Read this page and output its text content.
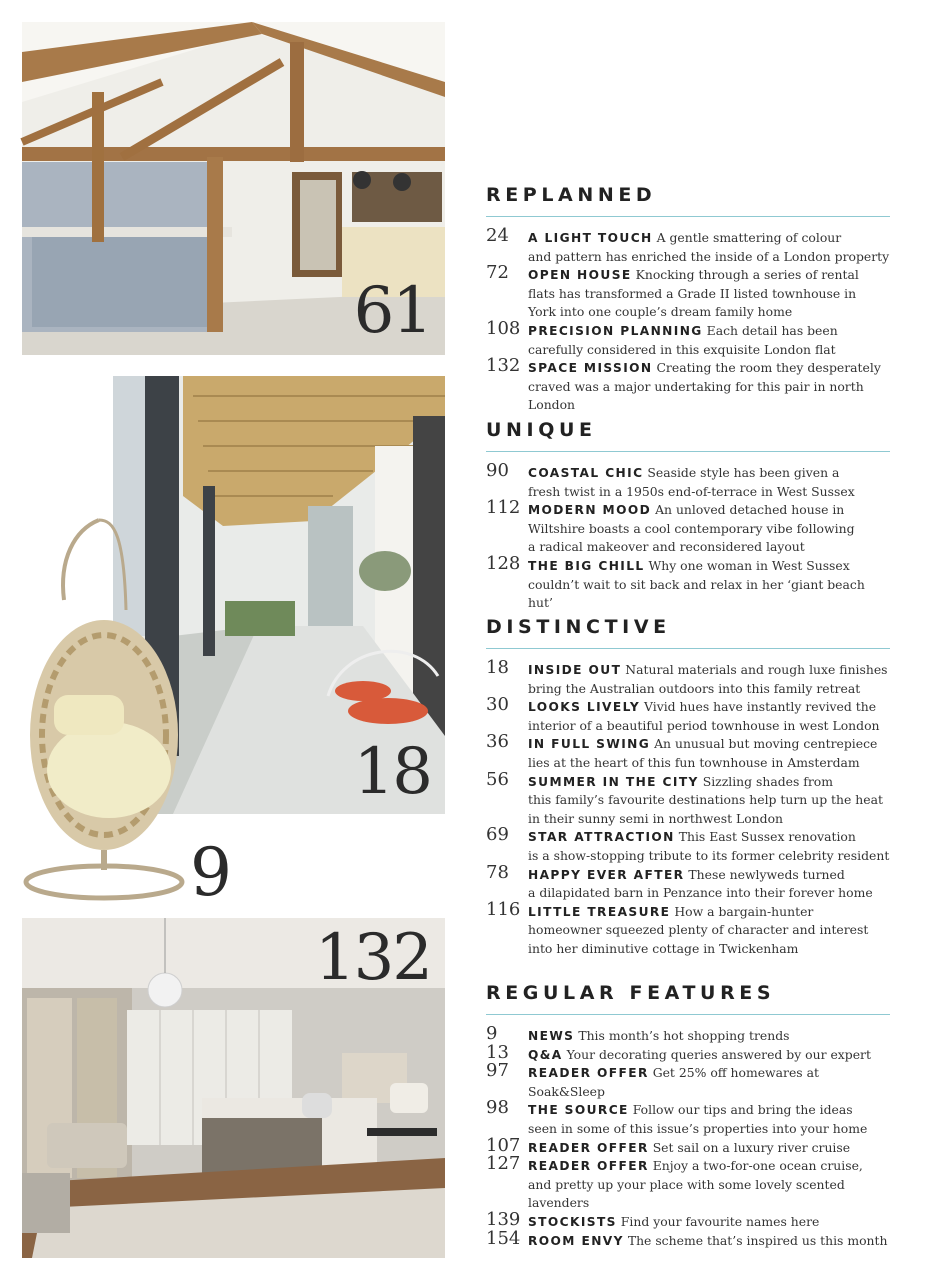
61
18
9
132
REPLANNED
24 A LIGHT TOUCH A gentle smattering of colour
and pattern has enriched the inside of a London property
72 OPEN HOUSE Knocking through a series of rental
flats has transformed a Grade II listed townhouse in
York into one couple’s dream family home
108 PRECISION PLANNING Each detail has been
carefully considered in this exquisite London flat
132 SPACE MISSION Creating the room they desperately
craved was a major undertaking for this pair in north London
UNIQUE
90 COASTAL CHIC Seaside style has been given a
fresh twist in a 1950s end-of-terrace in West Sussex
112 MODERN MOOD An unloved detached house in
Wiltshire boasts a cool contemporary vibe following
a radical makeover and reconsidered layout
128 THE BIG CHILL Why one woman in West Sussex
couldn’t wait to sit back and relax in her ‘giant beach hut’
DISTINCTIVE
18 INSIDE OUT Natural materials and rough luxe finishes
bring the Australian outdoors into this family retreat
30 LOOKS LIVELY Vivid hues have instantly revived the
interior of a beautiful period townhouse in west London
36 IN FULL SWING An unusual but moving centrepiece
lies at the heart of this fun townhouse in Amsterdam
56 SUMMER IN THE CITY Sizzling shades from
this family’s favourite destinations help turn up the heat
in their sunny semi in northwest London
69 STAR ATTRACTION This East Sussex renovation
is a show-stopping tribute to its former celebrity resident
78 HAPPY EVER AFTER These newlyweds turned
a dilapidated barn in Penzance into their forever home
116 LITTLE TREASURE How a bargain-hunter
homeowner squeezed plenty of character and interest
into her diminutive cottage in Twickenham
REGULAR FEATURES
9	NEWS This month’s hot shopping trends
13 Q&A Your decorating queries answered by our expert
97 READER OFFER Get 25% off homewares at Soak&Sleep
98 THE SOURCE Follow our tips and bring the ideas
seen in some of this issue’s properties into your home
107 READER OFFER Set sail on a luxury river cruise
127 READER OFFER Enjoy a two-for-one ocean cruise,
and pretty up your place with some lovely scented lavenders
139 STOCKISTS Find your favourite names here
154 ROOM ENVY The scheme that’s inspired us this month
